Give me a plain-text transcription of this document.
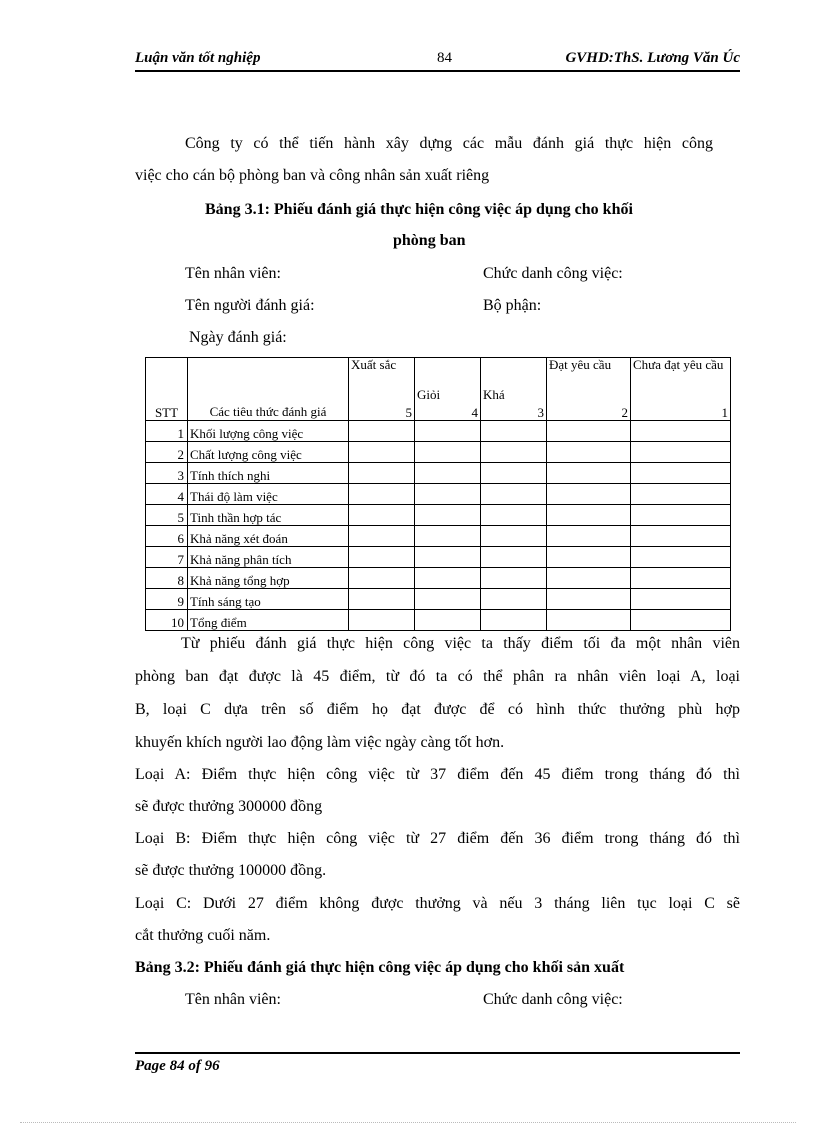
Luận văn tốt nghiệp	84	GVHD:ThS. Lương Văn Úc
Công ty có thể tiến hành xây dựng các mẫu đánh giá thực hiện công
việc cho cán bộ phòng ban và công nhân sản xuất riêng
Bảng 3.1: Phiếu đánh giá thực hiện công việc áp dụng cho khối
phòng ban
Tên nhân viên:	Chức danh công việc:
Tên người đánh giá:	Bộ phận:
Ngày đánh giá:
STT	Các tiêu thức đánh giá	Xuất sắc	Giỏi	Khá	Đạt yêu cầu	Chưa đạt yêu cầu
		5	4	3	2	1
1	Khối lượng công việc					
2	Chất lượng công việc					
3	Tính thích nghi					
4	Thái độ làm việc					
5	Tinh thần hợp tác					
6	Khả năng xét đoán					
7	Khả năng phân tích					
8	Khả năng tổng hợp					
9	Tính sáng tạo					
10	Tổng điểm					
Từ phiếu đánh giá thực hiện công việc ta thấy điểm tối đa một nhân viên
phòng ban đạt được là 45 điểm, từ đó ta có thể phân ra nhân viên loại A, loại
B, loại C dựa trên số điểm họ đạt được để có hình thức thưởng phù hợp
khuyến khích người lao động làm việc ngày càng tốt hơn.
Loại A: Điểm thực hiện công việc từ 37 điểm đến 45 điểm trong tháng đó thì
sẽ được thưởng 300000 đồng
Loại B: Điểm thực hiện công việc từ 27 điểm đến 36 điểm trong tháng đó thì
sẽ được thưởng 100000 đồng.
Loại C: Dưới 27 điểm không được thưởng và nếu 3 tháng liên tục loại C sẽ
cắt thưởng cuối năm.
Bảng 3.2: Phiếu đánh giá thực hiện công việc áp dụng cho khối sản xuất
Tên nhân viên:	Chức danh công việc:
Page 84 of 96
